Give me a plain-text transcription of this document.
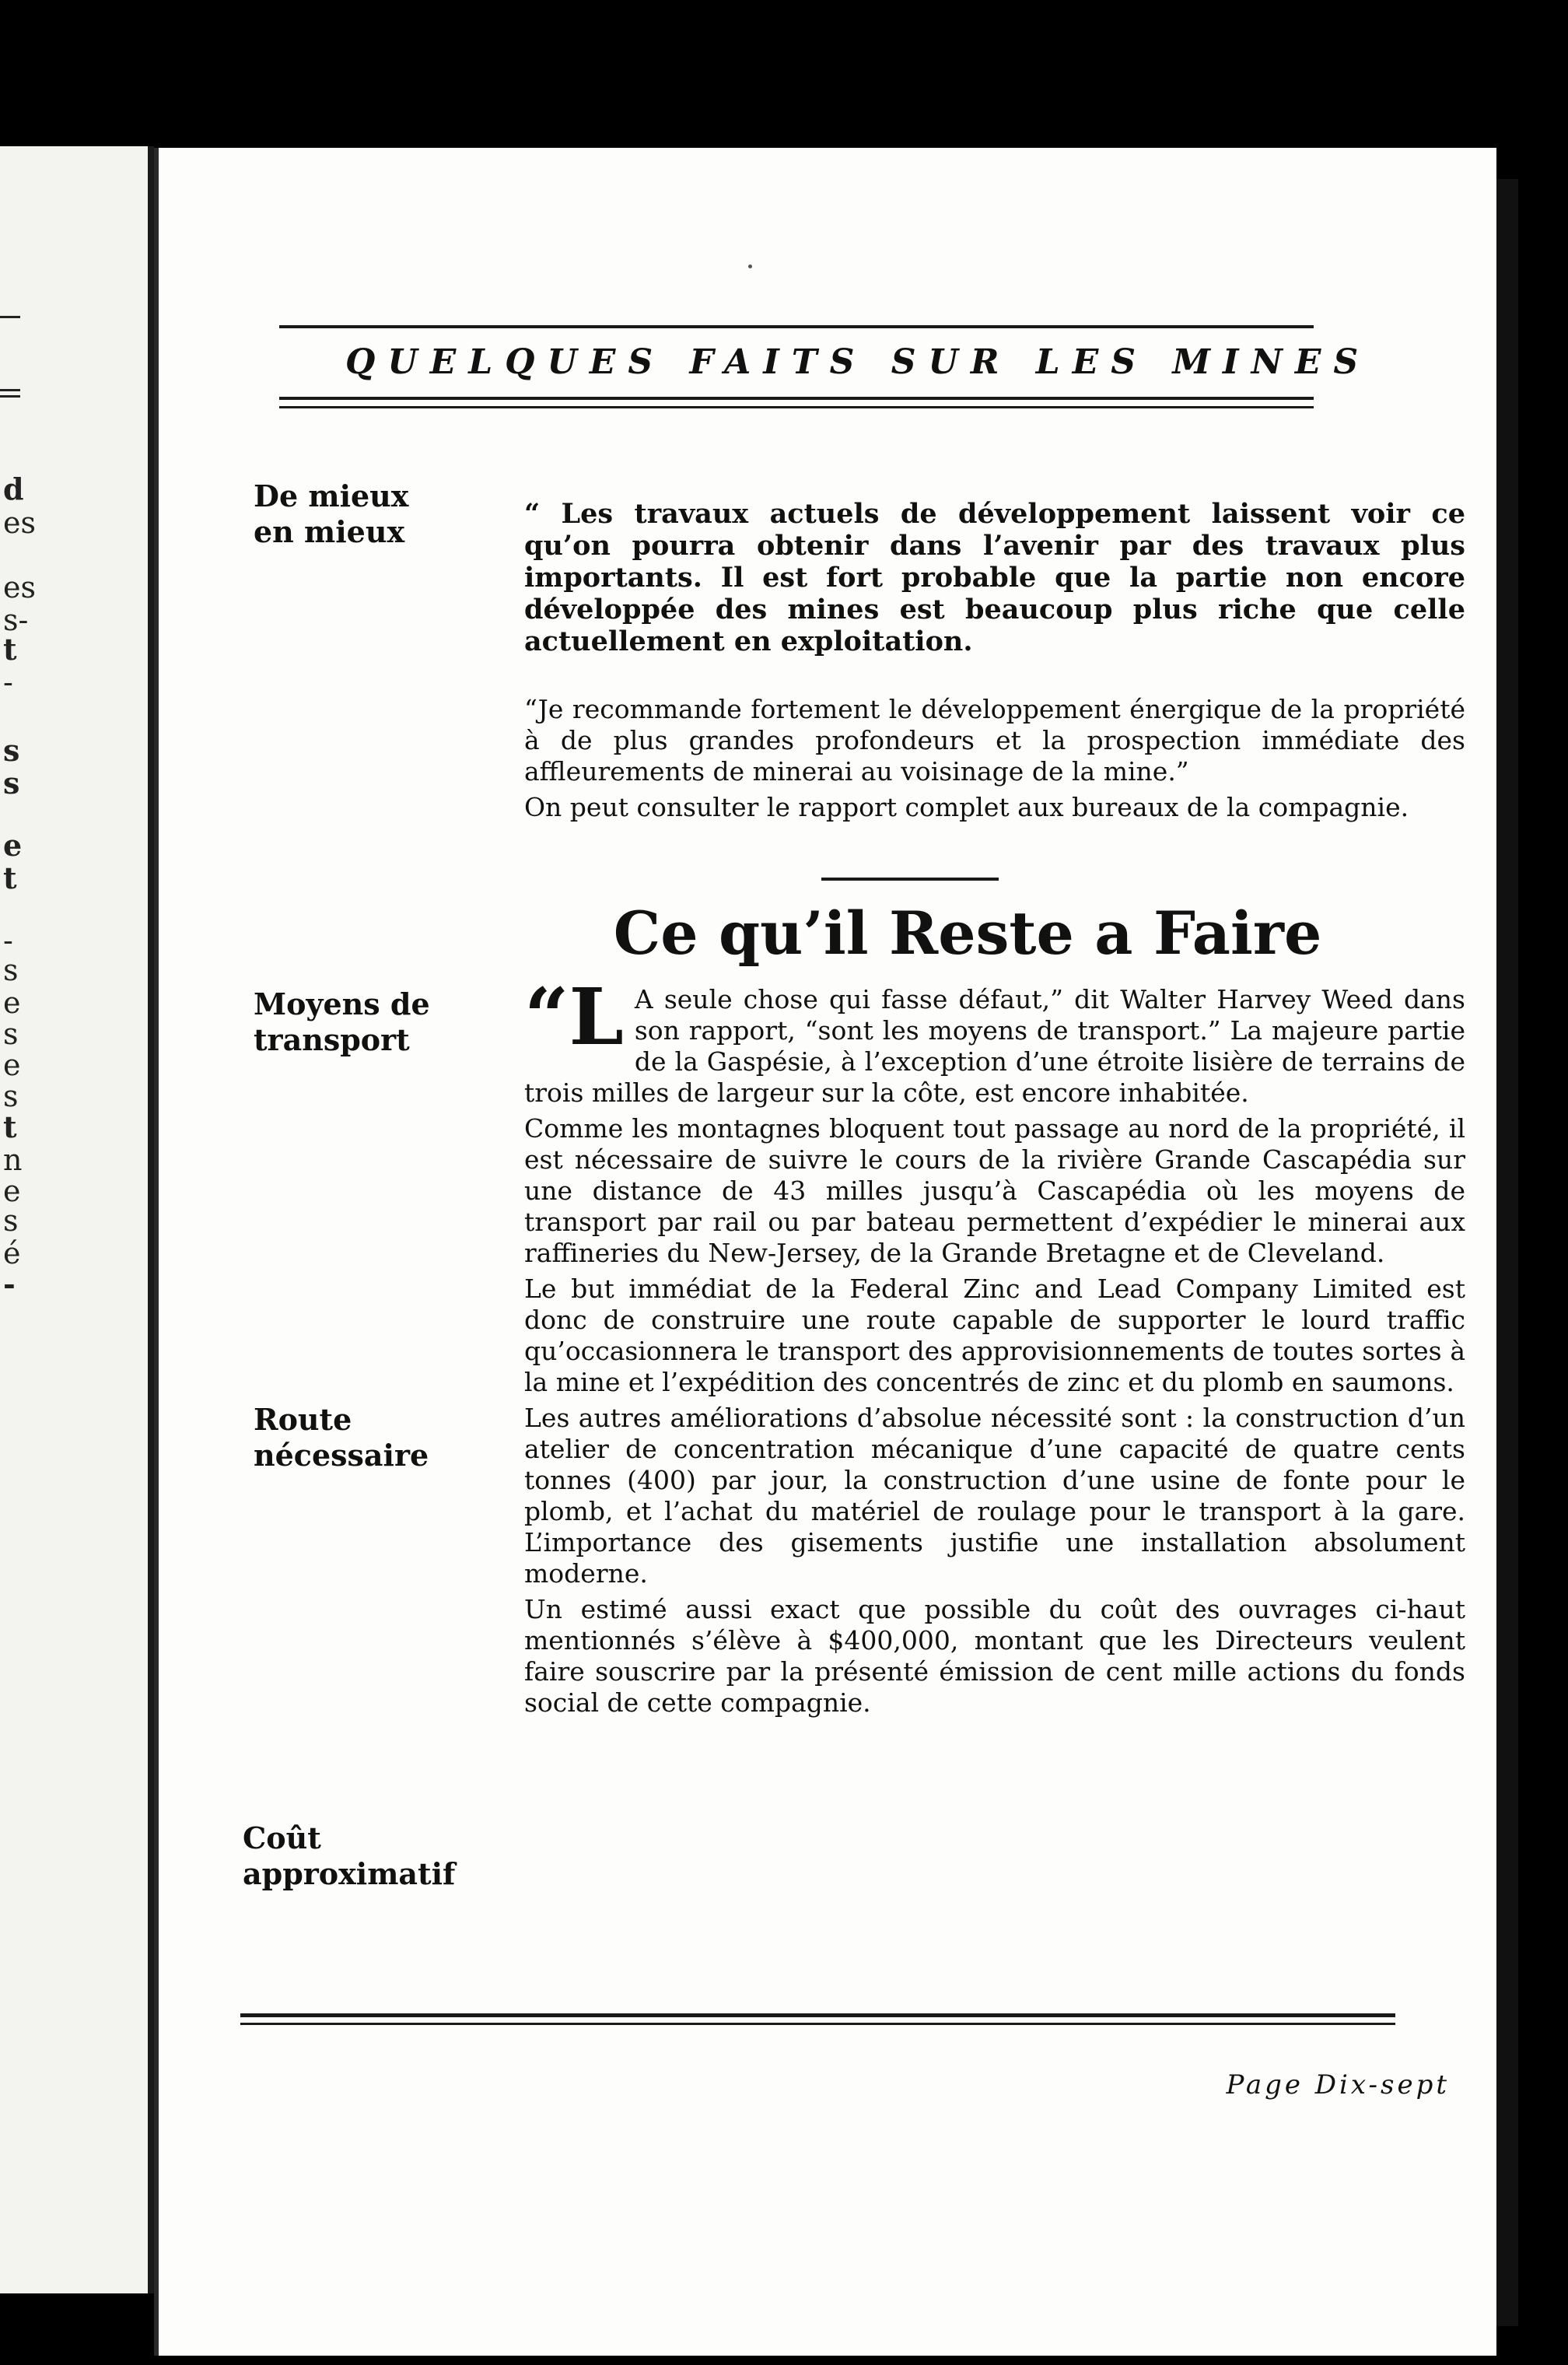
d
es
es
s-
t
-
s
s
e
t
-
s
e
s
e
s
t
n
e
s
é
-
QUELQUES FAITS SUR LES MINES
De mieux en mieux

“ Les travaux actuels de développement laissent voir ce qu’on pourra obtenir dans l’avenir par des travaux plus importants. Il est fort probable que la partie non encore développée des mines est beaucoup plus riche que celle actuellement en exploitation.

“Je recommande fortement le développement énergique de la propriété à de plus grandes profondeurs et la prospection immédiate des affleurements de minerai au voisinage de la mine.”

On peut consulter le rapport complet aux bureaux de la compagnie.

Ce qu’il Reste a Faire
Moyens de transport
Route nécessaire
Coût approximatif

“L A seule chose qui fasse défaut,” dit Walter Harvey Weed dans son rapport, “sont les moyens de transport.” La majeure partie de la Gaspésie, à l’exception d’une étroite lisière de terrains de trois milles de largeur sur la côte, est encore inhabitée.

Comme les montagnes bloquent tout passage au nord de la propriété, il est nécessaire de suivre le cours de la rivière Grande Cascapédia sur une distance de 43 milles jusqu’à Cascapédia où les moyens de transport par rail ou par bateau permettent d’expédier le minerai aux raffineries du New-Jersey, de la Grande Bretagne et de Cleveland.

Le but immédiat de la Federal Zinc and Lead Company Limited est donc de construire une route capable de supporter le lourd traffic qu’occasionnera le transport des approvisionnements de toutes sortes à la mine et l’expédition des concentrés de zinc et du plomb en saumons.

Les autres améliorations d’absolue nécessité sont : la construction d’un atelier de concentration mécanique d’une capacité de quatre cents tonnes (400) par jour, la construction d’une usine de fonte pour le plomb, et l’achat du matériel de roulage pour le transport à la gare. L’importance des gisements justifie une installation absolument moderne.

Un estimé aussi exact que possible du coût des ouvrages ci-haut mentionnés s’élève à $400,000, montant que les Directeurs veulent faire souscrire par la présenté émission de cent mille actions du fonds social de cette compagnie.

Page Dix-sept
